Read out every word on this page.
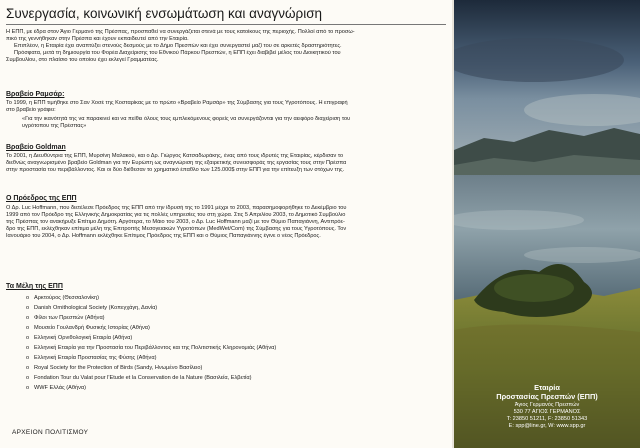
Συνεργασία, κοινωνική ενσωμάτωση και αναγνώριση
Η ΕΠΠ, με έδρα στον Άγιο Γερμανό της Πρέσπας, προσπαθεί να συνεργάζεται στενά με τους κατοίκους της περιοχής. Πολλοί από το προσω-
πικό της γεννήθηκαν στην Πρέσπα και έχουν εκπαιδευτεί από την Εταιρία.
Επιπλέον, η Εταιρία έχει αναπτύξει στενούς δεσμούς με το Δήμο Πρεσπών και έχει συνεργαστεί μαζί του σε αρκετές δραστηριότητες.
Πρόσφατα, μετά τη δημιουργία του Φορέα Διαχείρισης του Εθνικού Πάρκου Πρεσπών, η ΕΠΠ έχει διαβιβεί μέλος του Διοικητικού του
Συμβουλίου, στο πλαίσιο του οποίου έχει εκλεγεί Γραμματέας.
Βραβείο Ραμσάρ:
Το 1999, η ΕΠΠ τιμήθηκε στο Σαν Χοσέ της Κοσταρίκας με το πρώτο «Βραβείο Ραμσάρ» της Σύμβασης για τους Υγροτόπους. Η επιγραφή
στο βραβείο γράφει:
«Για την ικανότητά της να παρακινεί και να πείθει όλους τους εμπλεκόμενους φορείς να συνεργάζονται για την αειφόρο διαχείριση του
υγρότοπου της Πρέσπας»
Βραβείο Goldman
Το 2001, η Διευθύντρια της ΕΠΠ, Μυρσίνη Μαλακού, και ο Δρ. Γιώργος Κατσαδωράκης, ένας από τους ιδρυτές της Εταιρίας, κέρδισαν το
διεθνώς αναγνωρισμένο βραβείο Goldman για την Ευρώπη ως αναγνώριση της εξαιρετικής συνεισφοράς της εργασίας τους στην Πρέσπα
στην προστασία του περιβάλλοντος. Και οι δύο διέθεσαν το χρηματικό έπαθλο των 125.000$ στην ΕΠΠ για την επίτευξη των στόχων της.
Ο Πρόεδρος της ΕΠΠ
Ο Δρ. Luc Hoffmann, που διετέλεσε Πρόεδρος της ΕΠΠ από την ίδρυσή της το 1991 μέχρι το 2003, παρασημοφορήθηκε το Δεκέμβριο του
1999 από τον Πρόεδρο της Ελληνικής Δημοκρατίας για τις πολλές υπηρεσίες του στη χώρα. Στις 5 Απριλίου 2003, το Δημοτικό Συμβούλιο
της Πρέσπας τον ανακήρυξε Επίτιμο Δημότη. Αργότερα, το Μάιο του 2003, ο Δρ. Luc Hoffmann μαζί με τον Θύμιο Παπαγιάννη, Αντιπρόε-
δρο της ΕΠΠ, εκλέχθηκαν επίτιμα μέλη της Επιτροπής Μεσογειακών Υγροτόπων (MedWet/Com) της Σύμβασης για τους Υγροτόπους. Τον
Ιανουάριο του 2004, ο Δρ. Hoffmann εκλέχθηκε Επίτιμος Πρόεδρος της ΕΠΠ και ο Θύμιος Παπαγιάννης έγινε ο νέος Πρόεδρος.
Τα Μέλη της ΕΠΠ
ο Αρκτούρος (Θεσσαλονίκη)
ο Danish Ornithological Society (Κοπεγχάγη, Δανία)
ο Φίλοι των Πρεσπών (Αθήνα)
ο Μουσείο Γουλανδρή Φυσικής Ιστορίας (Αθήνα)
ο Ελληνική Ορνιθολογική Εταιρία (Αθήνα)
ο Ελληνική Εταιρία για την Προστασία του Περιβάλλοντος και της Πολιτιστικής Κληρονομιάς (Αθήνα)
ο Ελληνική Εταιρία Προστασίας της Φύσης (Αθήνα)
ο Royal Society for the Protection of Birds (Sandy, Ηνωμένο Βασίλειο)
ο Fondation Tour du Valat pour l'Etude et la Conservation de la Nature (Βασιλεία, Ελβετία)
ο WWF Ελλάς (Αθήνα)
ΑΡΧΕΙΟΝ ΠΟΛΙΤΙΣΜΟΥ
Εταιρία
Προστασίας Πρεσπών (ΕΠΠ)
Άγιος Γερμανός Πρεσπών
530 77 ΑΓΙΟΣ ΓΕΡΜΑΝΟΣ
Τ: 23850 51211, F: 23850 51343
E: spp@line.gr, W: www.spp.gr
